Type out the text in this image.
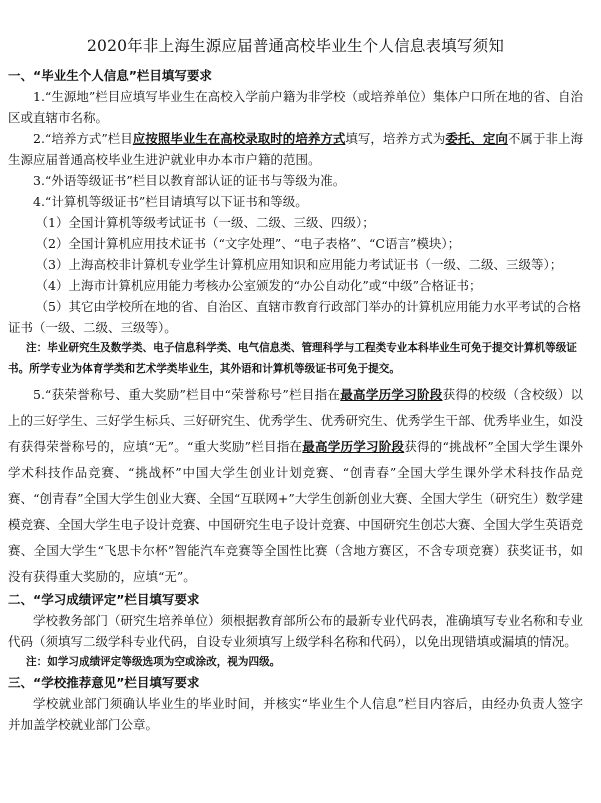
2020年非上海生源应届普通高校毕业生个人信息表填写须知
一、“毕业生个人信息”栏目填写要求

1.“生源地”栏目应填写毕业生在高校入学前户籍为非学校（或培养单位）集体户口所在地的省、自治区或直辖市名称。

2.“培养方式”栏目应按照毕业生在高校录取时的培养方式填写，培养方式为委托、定向不属于非上海生源应届普通高校毕业生进沪就业申办本市户籍的范围。

3.“外语等级证书”栏目以教育部认证的证书与等级为准。

4.“计算机等级证书”栏目请填写以下证书和等级。

（1）全国计算机等级考试证书（一级、二级、三级、四级）；

（2）全国计算机应用技术证书（“文字处理”、“电子表格”、“C语言”模块）；

（3）上海高校非计算机专业学生计算机应用知识和应用能力考试证书（一级、二级、三级等）；

（4）上海市计算机应用能力考核办公室颁发的“办公自动化”或“中级”合格证书；

（5）其它由学校所在地的省、自治区、直辖市教育行政部门举办的计算机应用能力水平考试的合格证书（一级、二级、三级等）。

注：毕业研究生及数学类、电子信息科学类、电气信息类、管理科学与工程类专业本科毕业生可免于提交计算机等级证书。所学专业为体育学类和艺术学类毕业生，其外语和计算机等级证书可免于提交。

5.“获荣誉称号、重大奖励”栏目中“荣誉称号”栏目指在最高学历学习阶段获得的校级（含校级）以上的三好学生、三好学生标兵、三好研究生、优秀学生、优秀研究生、优秀学生干部、优秀毕业生，如没有获得荣誉称号的，应填“无”。“重大奖励”栏目指在最高学历学习阶段获得的“挑战杯”全国大学生课外学术科技作品竞赛、“挑战杯”中国大学生创业计划竞赛、“创青春”全国大学生课外学术科技作品竞赛、“创青春”全国大学生创业大赛、全国“互联网+”大学生创新创业大赛、全国大学生（研究生）数学建模竞赛、全国大学生电子设计竞赛、中国研究生电子设计竞赛、中国研究生创芯大赛、全国大学生英语竞赛、全国大学生“飞思卡尔杯”智能汽车竞赛等全国性比赛（含地方赛区，不含专项竞赛）获奖证书，如没有获得重大奖励的，应填“无”。

二、“学习成绩评定”栏目填写要求

学校教务部门（研究生培养单位）须根据教育部所公布的最新专业代码表，准确填写专业名称和专业代码（须填写二级学科专业代码，自设专业须填写上级学科名称和代码），以免出现错填或漏填的情况。

注：如学习成绩评定等级选项为空或涂改，视为四级。

三、“学校推荐意见”栏目填写要求

学校就业部门须确认毕业生的毕业时间，并核实“毕业生个人信息”栏目内容后，由经办负责人签字并加盖学校就业部门公章。
